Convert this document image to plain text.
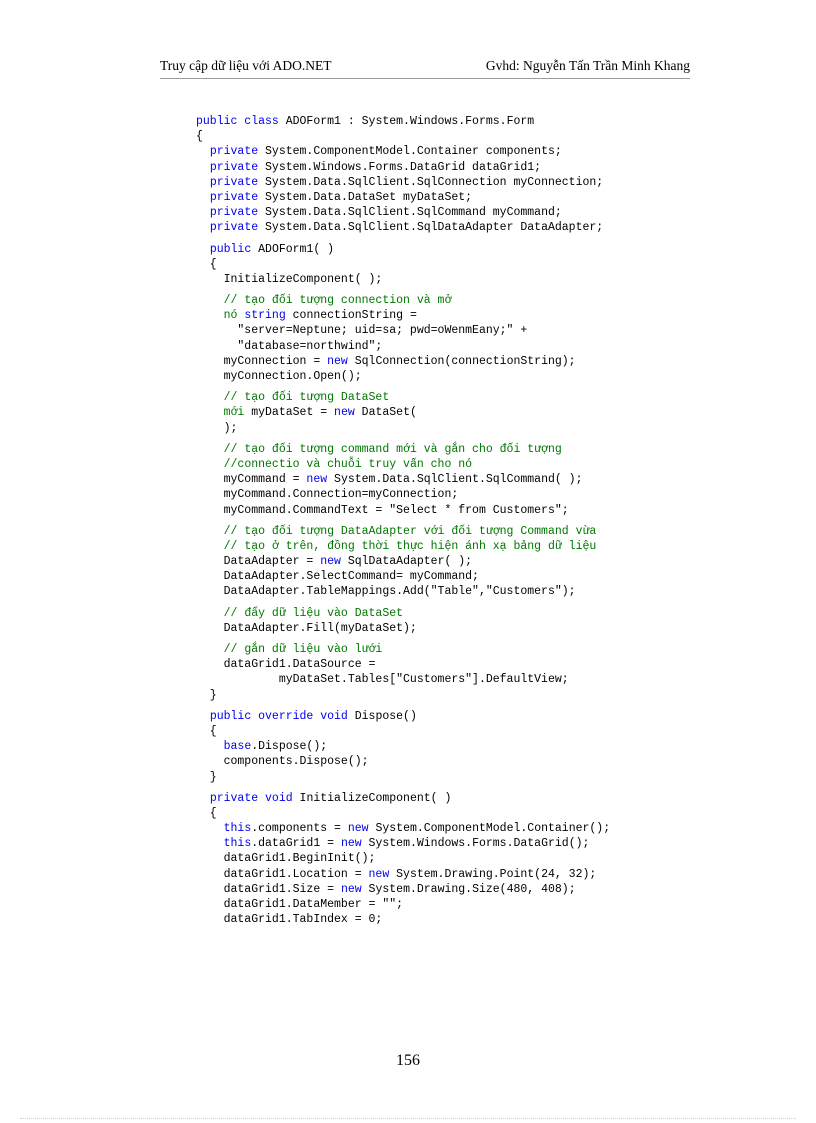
Truy cập dữ liệu với ADO.NET	Gvhd: Nguyễn Tấn Trần Minh Khang
public class ADOForm1 : System.Windows.Forms.Form
{
private System.ComponentModel.Container components;
private System.Windows.Forms.DataGrid dataGrid1;
private System.Data.SqlClient.SqlConnection myConnection;
private System.Data.DataSet myDataSet;
private System.Data.SqlClient.SqlCommand myCommand;
private System.Data.SqlClient.SqlDataAdapter DataAdapter;
public ADOForm1( )
{
InitializeComponent( );
// tạo đối tượng connection và mở
nó string connectionString =
"server=Neptune; uid=sa; pwd=oWenmEany;" +
"database=northwind";
myConnection = new SqlConnection(connectionString);
myConnection.Open();
// tạo đối tượng DataSet
mới myDataSet = new DataSet(
);
// tạo đối tượng command mới và gắn cho đối tượng
//connectio và chuỗi truy vấn cho nó
myCommand = new System.Data.SqlClient.SqlCommand( );
myCommand.Connection=myConnection;
myCommand.CommandText = "Select * from Customers";
// tạo đối tượng DataAdapter với đối tượng Command vừa
// tạo ở trên, đồng thời thực hiện ánh xạ bảng dữ liệu
DataAdapter = new SqlDataAdapter( );
DataAdapter.SelectCommand= myCommand;
DataAdapter.TableMappings.Add("Table","Customers");
// đẩy dữ liệu vào DataSet
DataAdapter.Fill(myDataSet);
// gắn dữ liệu vào lưới
dataGrid1.DataSource =
myDataSet.Tables["Customers"].DefaultView;
}
public override void Dispose()
{
base.Dispose();
components.Dispose();
}
private void InitializeComponent( )
{
this.components = new System.ComponentModel.Container();
this.dataGrid1 = new System.Windows.Forms.DataGrid();
dataGrid1.BeginInit();
dataGrid1.Location = new System.Drawing.Point(24, 32);
dataGrid1.Size = new System.Drawing.Size(480, 408);
dataGrid1.DataMember = "";
dataGrid1.TabIndex = 0;
156
